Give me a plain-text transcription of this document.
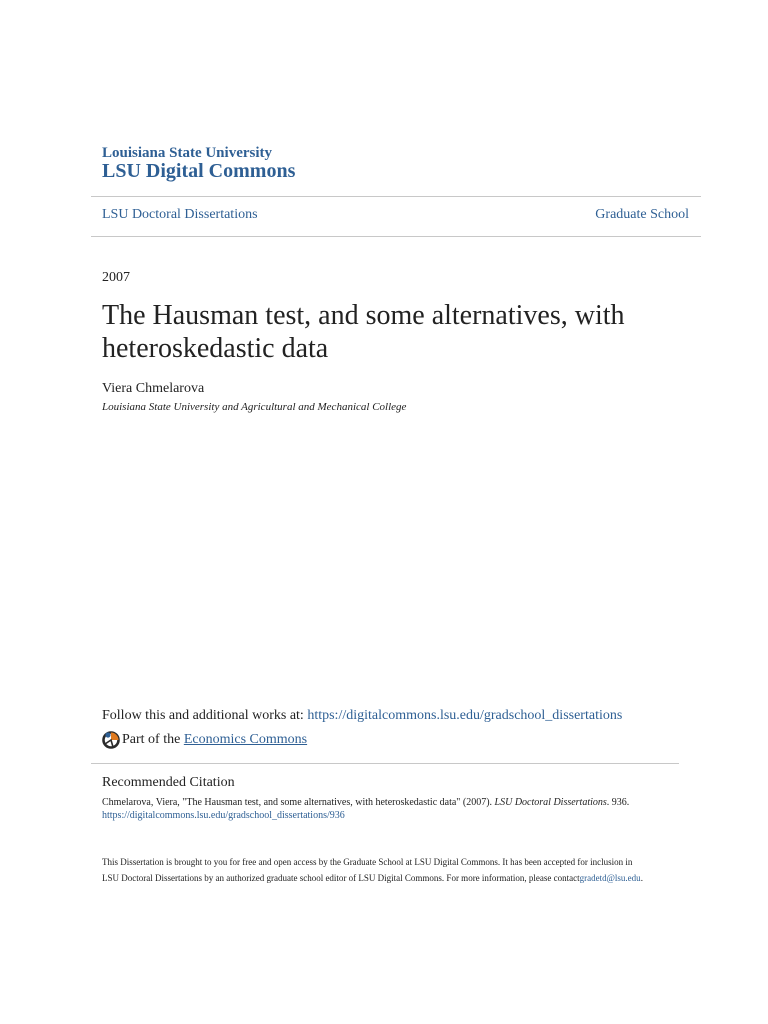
Louisiana State University
LSU Digital Commons
LSU Doctoral Dissertations	Graduate School
2007
The Hausman test, and some alternatives, with heteroskedastic data
Viera Chmelarova
Louisiana State University and Agricultural and Mechanical College
Follow this and additional works at: https://digitalcommons.lsu.edu/gradschool_dissertations
Part of the
Economics Commons
Recommended Citation
Chmelarova, Viera, "The Hausman test, and some alternatives, with heteroskedastic data" (2007). LSU Doctoral Dissertations. 936.
https://digitalcommons.lsu.edu/gradschool_dissertations/936
This Dissertation is brought to you for free and open access by the Graduate School at LSU Digital Commons. It has been accepted for inclusion in
LSU Doctoral Dissertations by an authorized graduate school editor of LSU Digital Commons. For more information, please contactgradetd@lsu.edu.
